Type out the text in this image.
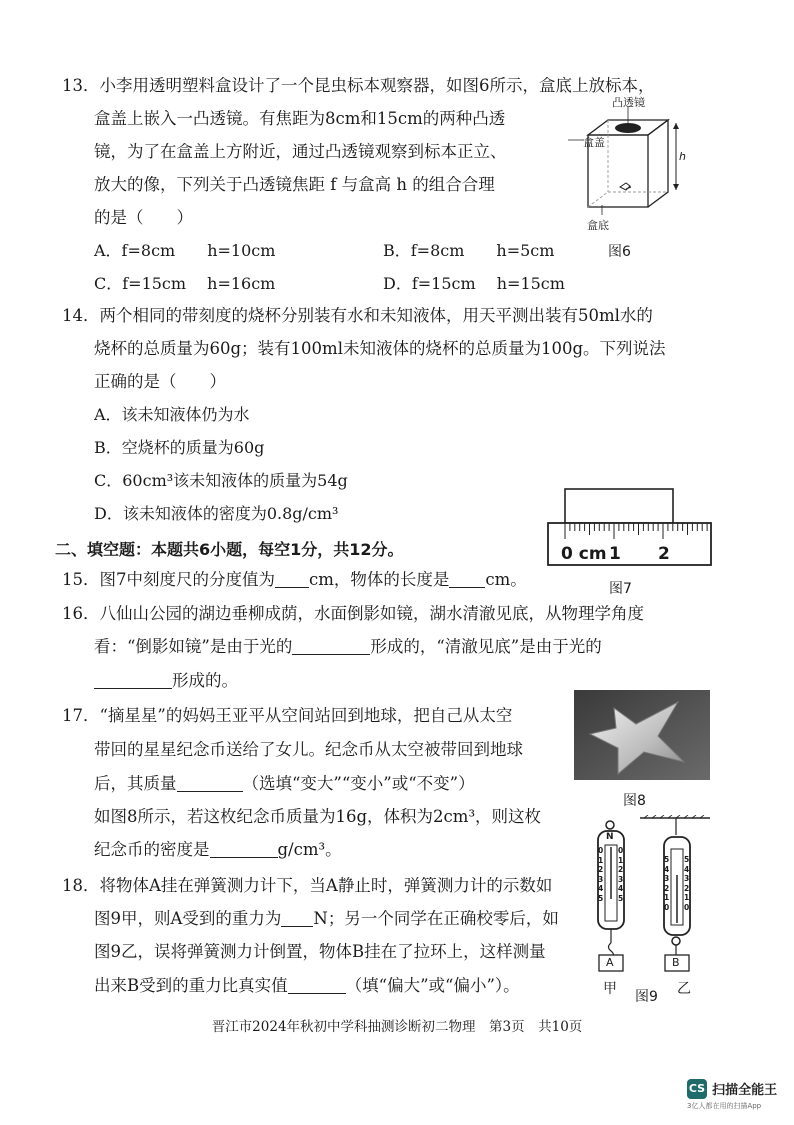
13．小李用透明塑料盒设计了一个昆虫标本观察器，如图6所示，盒底上放标本，
盒盖上嵌入一凸透镜。有焦距为8cm和15cm的两种凸透
镜，为了在盒盖上方附近，通过凸透镜观察到标本正立、
放大的像，下列关于凸透镜焦距 f 与盒高 h 的组合合理
的是（　　）
A．f=8cm　　h=10cm	B．f=8cm　　h=5cm
C．f=15cm　 h=16cm	D．f=15cm　 h=15cm
凸透镜
盒盖
盒底
h
图6
14．两个相同的带刻度的烧杯分别装有水和未知液体，用天平测出装有50ml水的
烧杯的总质量为60g；装有100ml未知液体的烧杯的总质量为100g。下列说法
正确的是（　　）
A．该未知液体仍为水
B．空烧杯的质量为60g
C．60cm³该未知液体的质量为54g
D．该未知液体的密度为0.8g/cm³
0 cm 1 2
图7
二、填空题：本题共6小题，每空1分，共12分。
15．图7中刻度尺的分度值为 cm，物体的长度是 cm。
16．八仙山公园的湖边垂柳成荫，水面倒影如镜，湖水清澈见底，从物理学角度
看：“倒影如镜”是由于光的	形成的，“清澈见底”是由于光的
形成的。
17．“摘星星”的妈妈王亚平从空间站回到地球，把自己从太空
带回的星星纪念币送给了女儿。纪念币从太空被带回到地球
后，其质量	（选填“变大”“变小”或“不变”）
如图8所示，若这枚纪念币质量为16g，体积为2cm³，则这枚
纪念币的密度是	g/cm³。
图8
18．将物体A挂在弹簧测力计下，当A静止时，弹簧测力计的示数如
图9甲，则A受到的重力为 N；另一个同学在正确校零后，如
图9乙，误将弹簧测力计倒置，物体B挂在了拉环上，这样测量
出来B受到的重力比真实值	（填“偏大”或“偏小”）。
N
0
1
2
3
4
5
0
1
2
3
4
5
5
4
3
2
1
0
5
4
3
2
1
0
A	B
甲 图9 乙
晋江市2024年秋初中学科抽测诊断初二物理　第3页　共10页
CS 扫描全能王
3亿人都在用的扫描App
